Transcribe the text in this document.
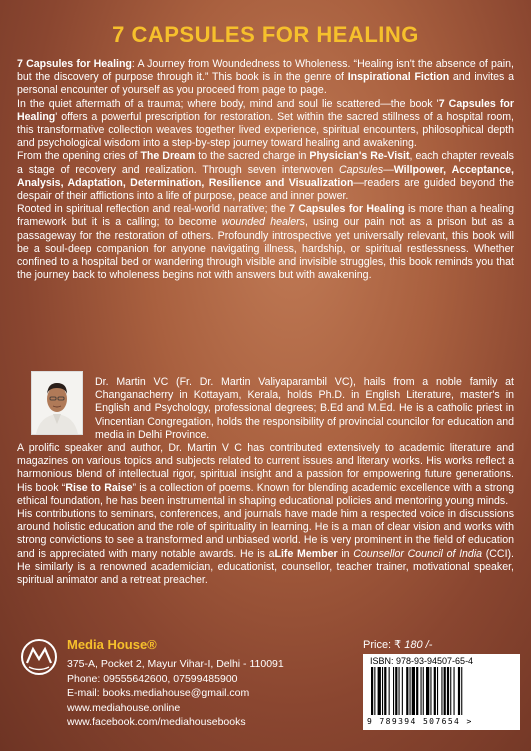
7 CAPSULES FOR HEALING

7 Capsules for Healing: A Journey from Woundedness to Wholeness. “Healing isn't the absence of pain, but the discovery of purpose through it.” This book is in the genre of Inspirational Fiction and invites a personal encounter of yourself as you proceed from page to page.

In the quiet aftermath of a trauma; where body, mind and soul lie scattered—the book '7 Capsules for Healing' offers a powerful prescription for restoration. Set within the sacred stillness of a hospital room, this transformative collection weaves together lived experience, spiritual encounters, philosophical depth and psychological wisdom into a step-by-step journey toward healing and awakening.

From the opening cries of The Dream to the sacred charge in Physician's Re-Visit, each chapter reveals a stage of recovery and realization. Through seven interwoven Capsules—Willpower, Acceptance, Analysis, Adaptation, Determination, Resilience and Visualization—readers are guided beyond the despair of their afflictions into a life of purpose, peace and inner power.

Rooted in spiritual reflection and real-world narrative; the 7 Capsules for Healing is more than a healing framework but it is a calling; to become wounded healers, using our pain not as a prison but as a passageway for the restoration of others. Profoundly introspective yet universally relevant, this book will be a soul-deep companion for anyone navigating illness, hardship, or spiritual restlessness. Whether confined to a hospital bed or wandering through visible and invisible struggles, this book reminds you that the journey back to wholeness begins not with answers but with awakening.

Dr. Martin VC (Fr. Dr. Martin Valiyaparambil VC), hails from a noble family at Changanacherry in Kottayam, Kerala, holds Ph.D. in English Literature, master's in English and Psychology, professional degrees; B.Ed and M.Ed. He is a catholic priest in Vincentian Congregation, holds the responsibility of provincial councilor for education and media in Delhi Province.

A prolific speaker and author, Dr. Martin V C has contributed extensively to academic literature and magazines on various topics and subjects related to current issues and literary works. His works reflect a harmonious blend of intellectual rigor, spiritual insight and a passion for empowering future generations. His book “Rise to Raise” is a collection of poems. Known for blending academic excellence with a strong ethical foundation, he has been instrumental in shaping educational policies and mentoring young minds.

His contributions to seminars, conferences, and journals have made him a respected voice in discussions around holistic education and the role of spirituality in learning. He is a man of clear vision and works with strong convictions to see a transformed and unbiased world. He is very prominent in the field of education and is appreciated with many notable awards. He is aLife Member in Counsellor Council of India (CCI). He similarly is a renowned academician, educationist, counsellor, teacher trainer, motivational speaker, spiritual animator and a retreat preacher.

Media House®
375-A, Pocket 2, Mayur Vihar-I, Delhi - 110091
Phone: 09555642600, 07599485900
E-mail: books.mediahouse@gmail.com
www.mediahouse.online
www.facebook.com/mediahousebooks
Price: ₹ 180 /-
ISBN: 978-93-94507-65-4
9 789394 507654 >
